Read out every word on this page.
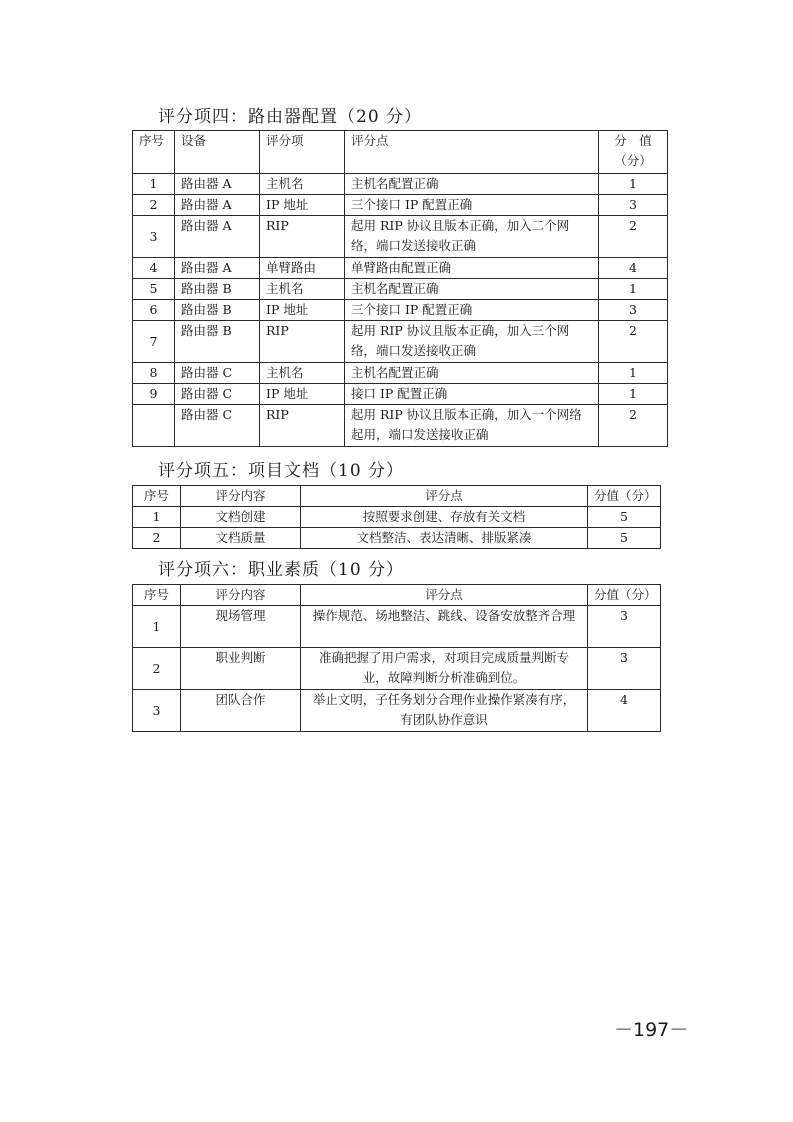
评分项四：路由器配置（20 分）
序号	设备	评分项	评分点	分　值
（分）

1	路由器 A	主机名	主机名配置正确	1
2	路由器 A	IP 地址	三个接口 IP 配置正确	3
3	路由器 A	RIP	起用 RIP 协议且版本正确，加入二个网络，端口发送接收正确	2
4	路由器 A	单臂路由	单臂路由配置正确	4
5	路由器 B	主机名	主机名配置正确	1
6	路由器 B	IP 地址	三个接口 IP 配置正确	3
7	路由器 B	RIP	起用 RIP 协议且版本正确，加入三个网络，端口发送接收正确	2
8	路由器 C	主机名	主机名配置正确	1
9	路由器 C	IP 地址	接口 IP 配置正确	1
	路由器 C	RIP	起用 RIP 协议且版本正确，加入一个网络起用，端口发送接收正确	2
评分项五：项目文档（10 分）
序号	评分内容	评分点	分值（分）
1	文档创建	按照要求创建、存放有关文档	5
2	文档质量	文档整洁、表达清晰、排版紧凑	5
评分项六：职业素质（10 分）
序号	评分内容	评分点	分值（分）
1	现场管理	操作规范、场地整洁、跳线、设备安放整齐合理	3
2	职业判断	准确把握了用户需求，对项目完成质量判断专业，故障判断分析准确到位。	3
3	团队合作	举止文明，子任务划分合理作业操作紧凑有序，有团队协作意识	4
－197－
